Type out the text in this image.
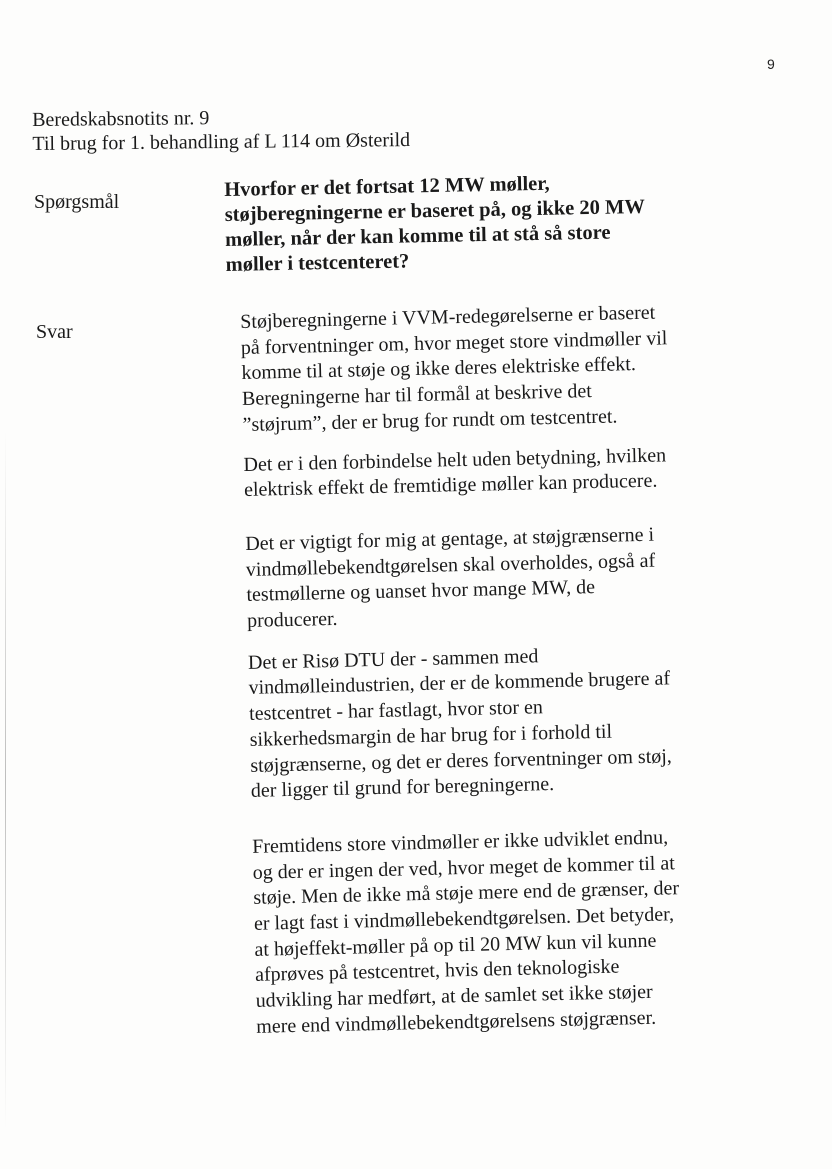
9
Beredskabsnotits nr. 9
Til brug for 1. behandling af L 114 om Østerild
Spørgsmål
Hvorfor er det fortsat 12 MW møller,
støjberegningerne er baseret på, og ikke 20 MW
møller, når der kan komme til at stå så store
møller i testcenteret?
Svar	Støjberegningerne i VVM-redegørelserne er baseret
på forventninger om, hvor meget store vindmøller vil
komme til at støje og ikke deres elektriske effekt.
Beregningerne har til formål at beskrive det
”støjrum”, der er brug for rundt om testcentret.
Det er i den forbindelse helt uden betydning, hvilken
elektrisk effekt de fremtidige møller kan producere.
Det er vigtigt for mig at gentage, at støjgrænserne i
vindmøllebekendtgørelsen skal overholdes, også af
testmøllerne og uanset hvor mange MW, de
producerer.
Det er Risø DTU der - sammen med
vindmølleindustrien, der er de kommende brugere af
testcentret - har fastlagt, hvor stor en
sikkerhedsmargin de har brug for i forhold til
støjgrænserne, og det er deres forventninger om støj,
der ligger til grund for beregningerne.
Fremtidens store vindmøller er ikke udviklet endnu,
og der er ingen der ved, hvor meget de kommer til at
støje. Men de ikke må støje mere end de grænser, der
er lagt fast i vindmøllebekendtgørelsen. Det betyder,
at højeffekt-møller på op til 20 MW kun vil kunne
afprøves på testcentret, hvis den teknologiske
udvikling har medført, at de samlet set ikke støjer
mere end vindmøllebekendtgørelsens støjgrænser.
